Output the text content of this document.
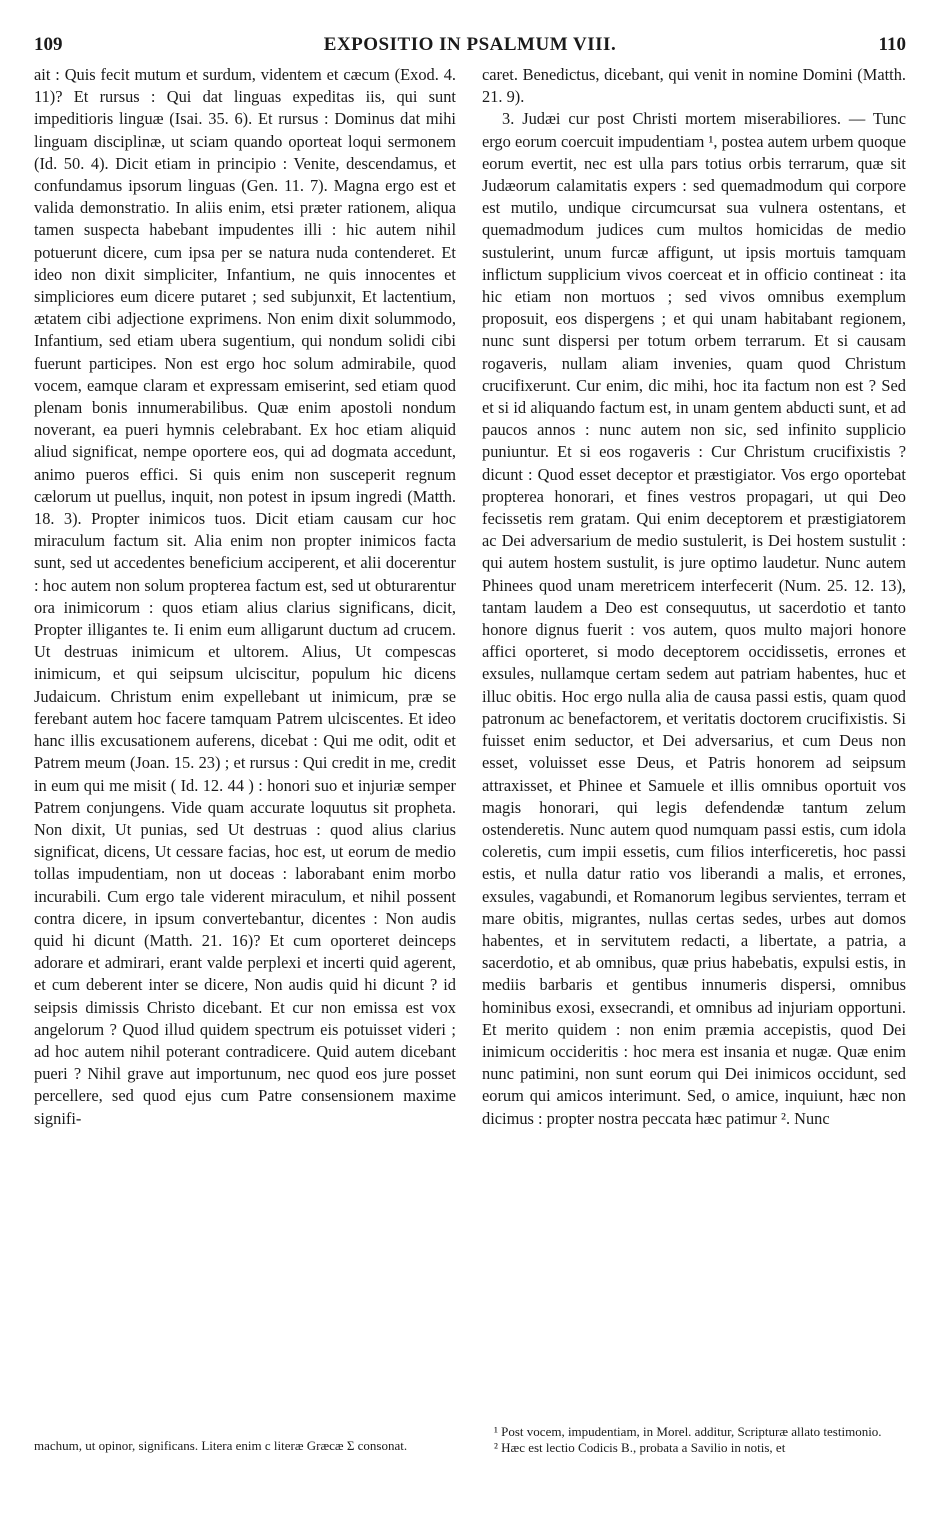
EXPOSITIO IN PSALMUM VIII.
109	110

ait : Quis fecit mutum et surdum, videntem et cæcum (Exod. 4. 11)? Et rursus : Qui dat linguas expeditas iis, qui sunt impeditioris linguæ (Isai. 35. 6). Et rursus : Dominus dat mihi linguam disciplinæ, ut sciam quando oporteat loqui sermonem (Id. 50. 4). Dicit etiam in principio : Venite, descendamus, et confundamus ipsorum linguas (Gen. 11. 7). Magna ergo est et valida demonstratio. In aliis enim, etsi præter rationem, aliqua tamen suspecta habebant impudentes illi : hic autem nihil potuerunt dicere, cum ipsa per se natura nuda contenderet. Et ideo non dixit simpliciter, Infantium, ne quis innocentes et simpliciores eum dicere putaret ; sed subjunxit, Et lactentium, ætatem cibi adjectione exprimens. Non enim dixit solummodo, Infantium, sed etiam ubera sugentium, qui nondum solidi cibi fuerunt participes. Non est ergo hoc solum admirabile, quod vocem, eamque claram et expressam emiserint, sed etiam quod plenam bonis innumerabilibus. Quæ enim apostoli nondum noverant, ea pueri hymnis celebrabant. Ex hoc etiam aliquid aliud significat, nempe oportere eos, qui ad dogmata accedunt, animo pueros effici. Si quis enim non susceperit regnum cælorum ut puellus, inquit, non potest in ipsum ingredi (Matth. 18. 3). Propter inimicos tuos. Dicit etiam causam cur hoc miraculum factum sit. Alia enim non propter inimicos facta sunt, sed ut accedentes beneficium acciperent, et alii docerentur : hoc autem non solum propterea factum est, sed ut obturarentur ora inimicorum : quos etiam alius clarius significans, dicit, Propter illigantes te. Ii enim eum alligarunt ductum ad crucem. Ut destruas inimicum et ultorem. Alius, Ut compescas inimicum, et qui seipsum ulciscitur, populum hic dicens Judaicum. Christum enim expellebant ut inimicum, præ se ferebant autem hoc facere tamquam Patrem ulciscentes. Et ideo hanc illis excusationem auferens, dicebat : Qui me odit, odit et Patrem meum (Joan. 15. 23) ; et rursus : Qui credit in me, credit in eum qui me misit ( Id. 12. 44 ) : honori suo et injuriæ semper Patrem conjungens. Vide quam accurate loquutus sit propheta. Non dixit, Ut punias, sed Ut destruas : quod alius clarius significat, dicens, Ut cessare facias, hoc est, ut eorum de medio tollas impudentiam, non ut doceas : laborabant enim morbo incurabili. Cum ergo tale viderent miraculum, et nihil possent contra dicere, in ipsum convertebantur, dicentes : Non audis quid hi dicunt (Matth. 21. 16)? Et cum oporteret deinceps adorare et admirari, erant valde perplexi et incerti quid agerent, et cum deberent inter se dicere, Non audis quid hi dicunt ? id seipsis dimissis Christo dicebant. Et cur non emissa est vox angelorum ? Quod illud quidem spectrum eis potuisset videri ; ad hoc autem nihil poterant contradicere. Quid autem dicebant pueri ? Nihil grave aut importunum, nec quod eos jure posset percellere, sed quod ejus cum Patre consensionem maxime signifi-

caret. Benedictus, dicebant, qui venit in nomine Domini (Matth. 21. 9).

3. Judæi cur post Christi mortem miserabiliores. — Tunc ergo eorum coercuit impudentiam ¹, postea autem urbem quoque eorum evertit, nec est ulla pars totius orbis terrarum, quæ sit Judæorum calamitatis expers : sed quemadmodum qui corpore est mutilo, undique circumcursat sua vulnera ostentans, et quemadmodum judices cum multos homicidas de medio sustulerint, unum furcæ affigunt, ut ipsis mortuis tamquam inflictum supplicium vivos coerceat et in officio contineat : ita hic etiam non mortuos ; sed vivos omnibus exemplum proposuit, eos dispergens ; et qui unam habitabant regionem, nunc sunt dispersi per totum orbem terrarum. Et si causam rogaveris, nullam aliam invenies, quam quod Christum crucifixerunt. Cur enim, dic mihi, hoc ita factum non est ? Sed et si id aliquando factum est, in unam gentem abducti sunt, et ad paucos annos : nunc autem non sic, sed infinito supplicio puniuntur. Et si eos rogaveris : Cur Christum crucifixistis ? dicunt : Quod esset deceptor et præstigiator. Vos ergo oportebat propterea honorari, et fines vestros propagari, ut qui Deo fecissetis rem gratam. Qui enim deceptorem et præstigiatorem ac Dei adversarium de medio sustulerit, is Dei hostem sustulit : qui autem hostem sustulit, is jure optimo laudetur. Nunc autem Phinees quod unam meretricem interfecerit (Num. 25. 12. 13), tantam laudem a Deo est consequutus, ut sacerdotio et tanto honore dignus fuerit : vos autem, quos multo majori honore affici oporteret, si modo deceptorem occidissetis, errones et exsules, nullamque certam sedem aut patriam habentes, huc et illuc obitis. Hoc ergo nulla alia de causa passi estis, quam quod patronum ac benefactorem, et veritatis doctorem crucifixistis. Si fuisset enim seductor, et Dei adversarius, et cum Deus non esset, voluisset esse Deus, et Patris honorem ad seipsum attraxisset, et Phinee et Samuele et illis omnibus oportuit vos magis honorari, qui legis defendendæ tantum zelum ostenderetis. Nunc autem quod numquam passi estis, cum idola coleretis, cum impii essetis, cum filios interficeretis, hoc passi estis, et nulla datur ratio vos liberandi a malis, et errones, exsules, vagabundi, et Romanorum legibus servientes, terram et mare obitis, migrantes, nullas certas sedes, urbes aut domos habentes, et in servitutem redacti, a libertate, a patria, a sacerdotio, et ab omnibus, quæ prius habebatis, expulsi estis, in mediis barbaris et gentibus innumeris dispersi, omnibus hominibus exosi, exsecrandi, et omnibus ad injuriam opportuni. Et merito quidem : non enim præmia accepistis, quod Dei inimicum occideritis : hoc mera est insania et nugæ. Quæ enim nunc patimini, non sunt eorum qui Dei inimicos occidunt, sed eorum qui amicos interimunt. Sed, o amice, inquiunt, hæc non dicimus : propter nostra peccata hæc patimur ². Nunc

machum, ut opinor, significans. Litera enim c literæ Græcæ Σ consonat.

¹ Post vocem, impudentiam, in Morel. additur, Scripturæ allato testimonio.

² Hæc est lectio Codicis B., probata a Savilio in notis, et
